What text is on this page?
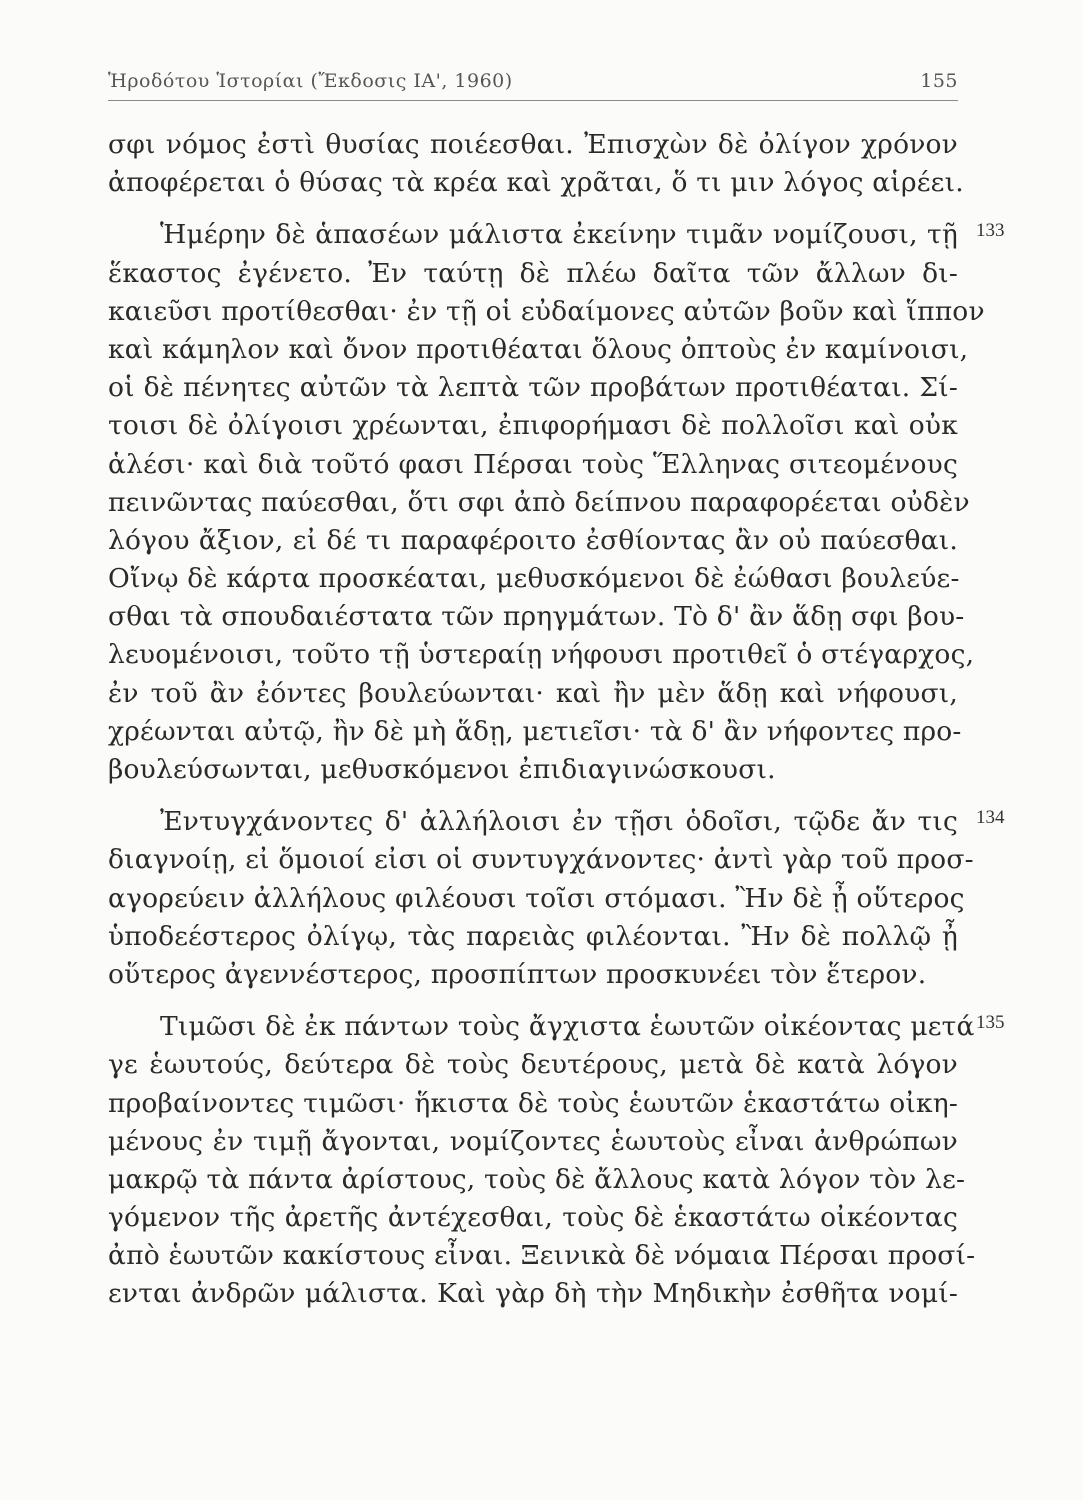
Ἡροδότου Ἱστορίαι (Ἔκδοσις ΙΑ', 1960)	155
σφι νόμος ἐστὶ θυσίας ποιέεσθαι. Ἐπισχὼν δὲ ὀλίγον χρόνον
ἀποφέρεται ὁ θύσας τὰ κρέα καὶ χρᾶται, ὅ τι μιν λόγος αἱρέει.
133
Ἡμέρην δὲ ἁπασέων μάλιστα ἐκείνην τιμᾶν νομίζουσι, τῇ
ἕκαστος ἐγένετο. Ἐν ταύτῃ δὲ πλέω δαῖτα τῶν ἄλλων δι-
καιεῦσι προτίθεσθαι· ἐν τῇ οἱ εὐδαίμονες αὐτῶν βοῦν καὶ ἵππον
καὶ κάμηλον καὶ ὄνον προτιθέαται ὅλους ὀπτοὺς ἐν καμίνοισι,
οἱ δὲ πένητες αὐτῶν τὰ λεπτὰ τῶν προβάτων προτιθέαται. Σί-
τοισι δὲ ὀλίγοισι χρέωνται, ἐπιφορήμασι δὲ πολλοῖσι καὶ οὐκ
ἁλέσι· καὶ διὰ τοῦτό φασι Πέρσαι τοὺς Ἕλληνας σιτεομένους
πεινῶντας παύεσθαι, ὅτι σφι ἀπὸ δείπνου παραφορέεται οὐδὲν
λόγου ἄξιον, εἰ δέ τι παραφέροιτο ἐσθίοντας ἂν οὐ παύεσθαι.
Οἴνῳ δὲ κάρτα προσκέαται, μεθυσκόμενοι δὲ ἐώθασι βουλεύε-
σθαι τὰ σπουδαιέστατα τῶν πρηγμάτων. Τὸ δ' ἂν ἅδῃ σφι βου-
λευομένοισι, τοῦτο τῇ ὑστεραίῃ νήφουσι προτιθεῖ ὁ στέγαρχος,
ἐν τοῦ ἂν ἐόντες βουλεύωνται· καὶ ἢν μὲν ἅδῃ καὶ νήφουσι,
χρέωνται αὐτῷ, ἢν δὲ μὴ ἅδῃ, μετιεῖσι· τὰ δ' ἂν νήφοντες προ-
βουλεύσωνται, μεθυσκόμενοι ἐπιδιαγινώσκουσι.
134
Ἐντυγχάνοντες δ' ἀλλήλοισι ἐν τῇσι ὁδοῖσι, τῷδε ἄν τις
διαγνοίῃ, εἰ ὅμοιοί εἰσι οἱ συντυγχάνοντες· ἀντὶ γὰρ τοῦ προσ-
αγορεύειν ἀλλήλους φιλέουσι τοῖσι στόμασι. Ἢν δὲ ᾖ οὕτερος
ὑποδεέστερος ὀλίγῳ, τὰς παρειὰς φιλέονται. Ἢν δὲ πολλῷ ᾖ
οὕτερος ἀγεννέστερος, προσπίπτων προσκυνέει τὸν ἕτερον.
135
Τιμῶσι δὲ ἐκ πάντων τοὺς ἄγχιστα ἑωυτῶν οἰκέοντας μετά
γε ἑωυτούς, δεύτερα δὲ τοὺς δευτέρους, μετὰ δὲ κατὰ λόγον
προβαίνοντες τιμῶσι· ἥκιστα δὲ τοὺς ἑωυτῶν ἑκαστάτω οἰκη-
μένους ἐν τιμῇ ἄγονται, νομίζοντες ἑωυτοὺς εἶναι ἀνθρώπων
μακρῷ τὰ πάντα ἀρίστους, τοὺς δὲ ἄλλους κατὰ λόγον τὸν λε-
γόμενον τῆς ἀρετῆς ἀντέχεσθαι, τοὺς δὲ ἑκαστάτω οἰκέοντας
ἀπὸ ἑωυτῶν κακίστους εἶναι. Ξεινικὰ δὲ νόμαια Πέρσαι προσί-
ενται ἀνδρῶν μάλιστα. Καὶ γὰρ δὴ τὴν Μηδικὴν ἐσθῆτα νομί-
